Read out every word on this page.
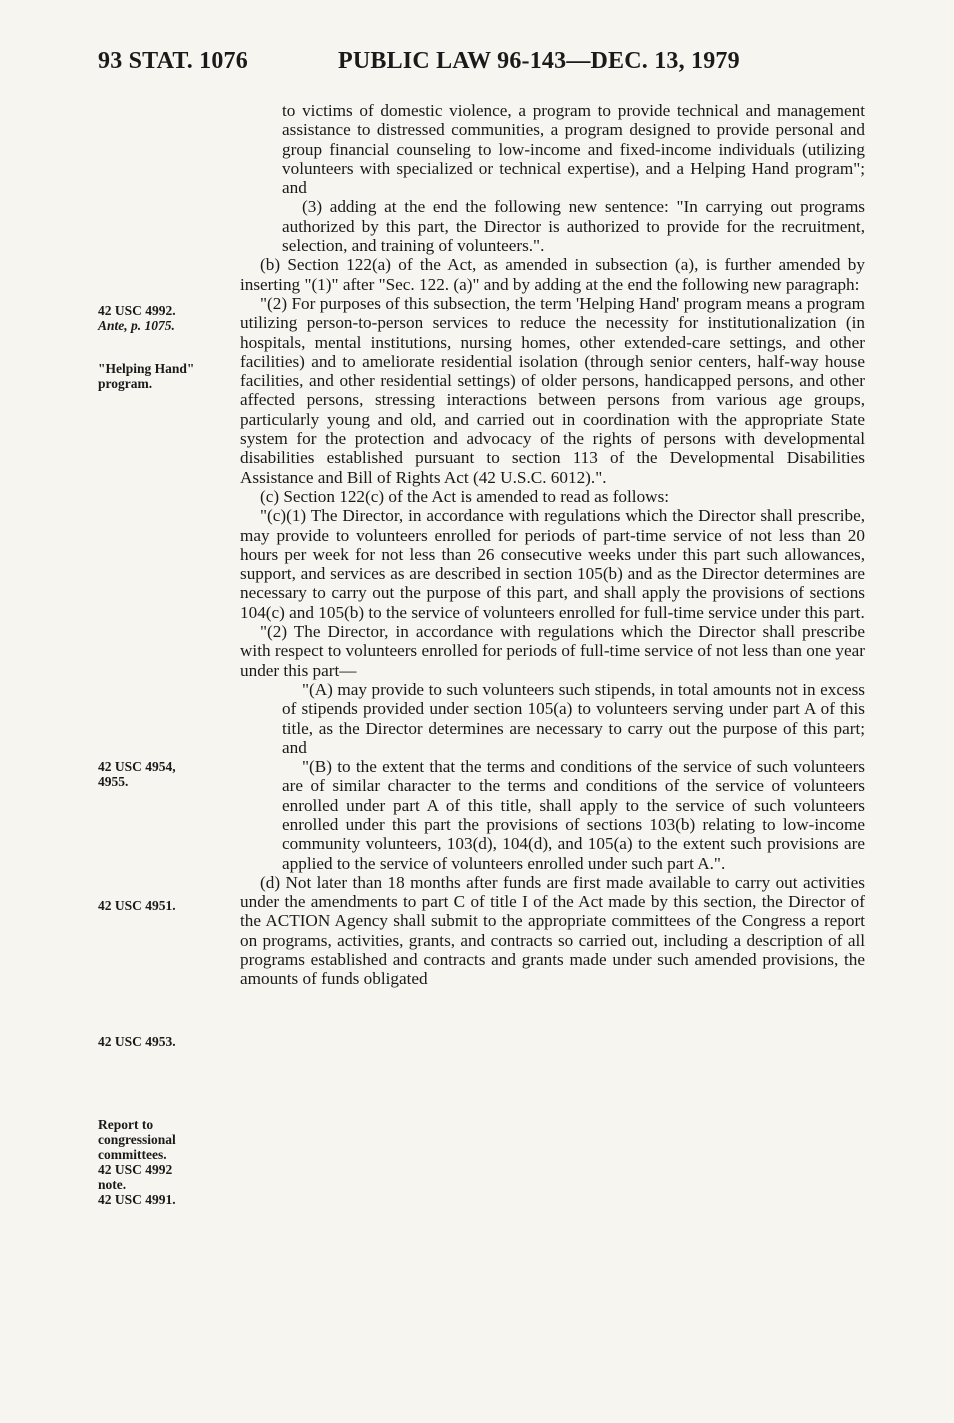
93 STAT. 1076	PUBLIC LAW 96-143—DEC. 13, 1979
42 USC 4992.
Ante, p. 1075.
"Helping Hand"
program.
42 USC 4954,
4955.
42 USC 4951.
42 USC 4953.
Report to
congressional
committees.
42 USC 4992
note.
42 USC 4991.

to victims of domestic violence, a program to provide technical and management assistance to distressed communities, a program designed to provide personal and group financial counseling to low-income and fixed-income individuals (utilizing volunteers with specialized or technical expertise), and a Helping Hand program"; and

(3) adding at the end the following new sentence: "In carrying out programs authorized by this part, the Director is authorized to provide for the recruitment, selection, and training of volunteers.".

(b) Section 122(a) of the Act, as amended in subsection (a), is further amended by inserting "(1)" after "Sec. 122. (a)" and by adding at the end the following new paragraph:

"(2) For purposes of this subsection, the term 'Helping Hand' program means a program utilizing person-to-person services to reduce the necessity for institutionalization (in hospitals, mental institutions, nursing homes, other extended-care settings, and other facilities) and to ameliorate residential isolation (through senior centers, half-way house facilities, and other residential settings) of older persons, handicapped persons, and other affected persons, stressing interactions between persons from various age groups, particularly young and old, and carried out in coordination with the appropriate State system for the protection and advocacy of the rights of persons with developmental disabilities established pursuant to section 113 of the Developmental Disabilities Assistance and Bill of Rights Act (42 U.S.C. 6012).".

(c) Section 122(c) of the Act is amended to read as follows:

"(c)(1) The Director, in accordance with regulations which the Director shall prescribe, may provide to volunteers enrolled for periods of part-time service of not less than 20 hours per week for not less than 26 consecutive weeks under this part such allowances, support, and services as are described in section 105(b) and as the Director determines are necessary to carry out the purpose of this part, and shall apply the provisions of sections 104(c) and 105(b) to the service of volunteers enrolled for full-time service under this part.

"(2) The Director, in accordance with regulations which the Director shall prescribe with respect to volunteers enrolled for periods of full-time service of not less than one year under this part—

"(A) may provide to such volunteers such stipends, in total amounts not in excess of stipends provided under section 105(a) to volunteers serving under part A of this title, as the Director determines are necessary to carry out the purpose of this part; and

"(B) to the extent that the terms and conditions of the service of such volunteers are of similar character to the terms and conditions of the service of volunteers enrolled under part A of this title, shall apply to the service of such volunteers enrolled under this part the provisions of sections 103(b) relating to low-income community volunteers, 103(d), 104(d), and 105(a) to the extent such provisions are applied to the service of volunteers enrolled under such part A.".

(d) Not later than 18 months after funds are first made available to carry out activities under the amendments to part C of title I of the Act made by this section, the Director of the ACTION Agency shall submit to the appropriate committees of the Congress a report on programs, activities, grants, and contracts so carried out, including a description of all programs established and contracts and grants made under such amended provisions, the amounts of funds obligated
